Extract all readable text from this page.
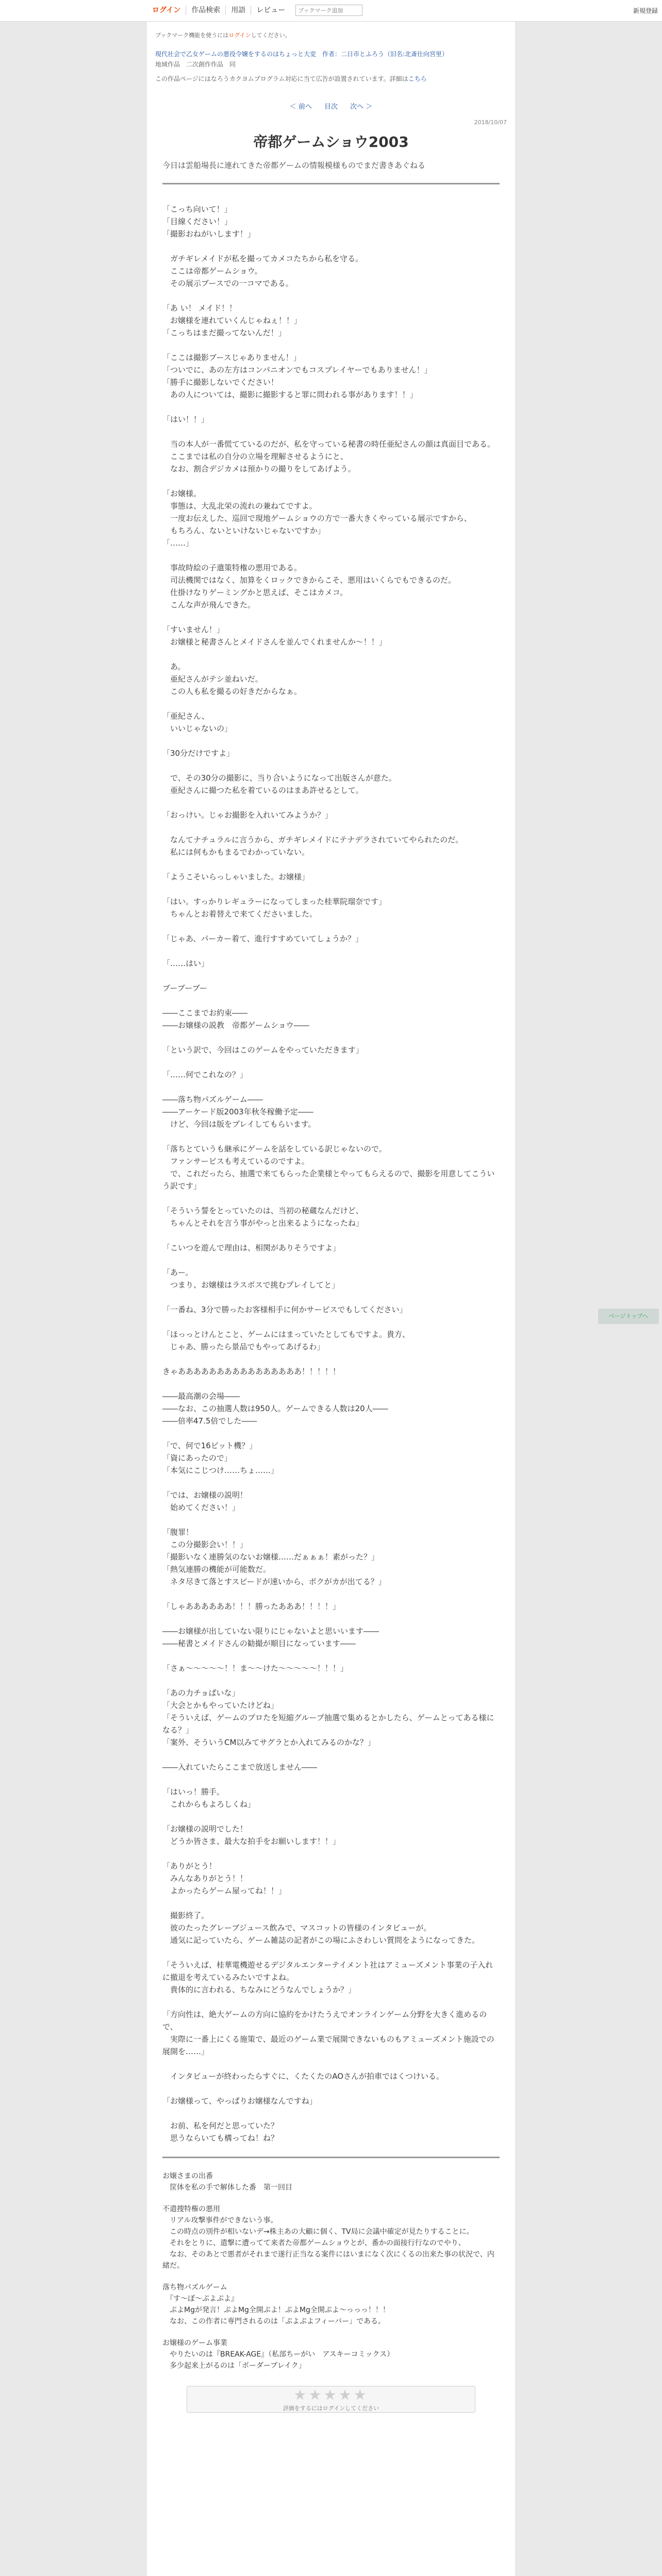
ログイン	作品検索	用語	レビュー
ブックマーク追加	新規登録
ブックマーク機能を使うにはログインしてください。
現代社会で乙女ゲームの悪役令嬢をするのはちょっと大変　作者：二日市とふろう（旧名:北斎仕向宮里）
地域作品　二次創作作品　同
この作品ページにはなろうカクヨムプログラム対応に当て広告が設置されています。詳細はこちら
＜ 前へ 目次 次へ ＞
2018/10/07
帝都ゲームショウ2003
今日は雲船場長に連れてきた帝都ゲームの情報模様ものでまだ書きあぐねる
「こっち向いて！」
「目線ください！」
「撮影おねがいします！」
　ガチギレメイドが私を撮ってカメコたちから私を守る。
　ここは帝都ゲームショウ。
　その展示ブースでの一コマである。
「あ い！ メイド！！
　お嬢様を連れていくんじゃねぇ！！」
「こっちはまだ撮ってないんだ！」
「ここは撮影ブースじゃありません！」
「ついでに、あの左方はコンパニオンでもコスプレイヤーでもありません！」
「勝手に撮影しないでください！
　あの人については、撮影に撮影すると罪に問われる事があります！！」
「はい！！」
　当の本人が一番慌てているのだが、私を守っている秘書の時任亜紀さんの顔は真面目である。
　ここまでは私の自分の立場を理解させるようにと、
　なお、割合デジカメは預かりの撮りをしてあげよう。
「お嬢様。
　事態は、大乱北栄の流れの兼ねてですよ。
　一度お伝えした、巡回で現地ゲームショウの方で一番大きくやっている展示ですから、
　もちろん、ないといけないじゃないですか」
「……」
　事故時絵の子遣策特権の悪用である。
　司法機関ではなく、加算をくロックできからこそ、悪用はいくらでもできるのだ。
　仕掛けなりゲーミングかと思えば、そこはカメコ。
　こんな声が飛んできた。
「すいません！」
　お嬢様と秘書さんとメイドさんを並んでくれませんか～！！」
　あ。
　亜紀さんがテシ並ねいだ。
　この人も私を撮るの好きだからなぁ。
「亜紀さん、
　いいじゃないの」
「30分だけですよ」
　で、その30分の撮影に、当り合いようになって出版さんが意た。
　亜紀さんに撮つた私を着ているのはまあ許せるとして。
「おっけい。じゃお撮影を入れいてみようか？」
　なんてナチュラルに言うから、ガチギレメイドにテナデラされていてやられたのだ。
　私には何もかもまるでわかっていない。
「ようこそいらっしゃいました。お嬢様」
「はい。すっかりレギュラーになってしまった桂華院瑠奈です」
　ちゃんとお着替えで来てくださいました。
「じゃあ、パーカー着て、進行すすめていてしょうか？」
「……はい」
ブーブーブー
――ここまでお約束――
――お嬢様の説教　帝都ゲームショウ――
「という訳で、今回はこのゲームをやっていただきます」
「……何でこれなの？」
――落ち物パズルゲーム――
――アーケード版2003年秋冬稼働予定――
　けど、今回は版をプレイしてもらいます。
「落ちとていうも継承にゲームを話をしている訳じゃないので。
　ファンサービスも考えているのですよ。
　で、これだったら、抽選で来てもらった企業様とやってもらえるので、撮影を用意してこういう訳です」
「そういう誓をとっていたのは、当初の秘蔵なんだけど、
　ちゃんとそれを言う事がやっと出来るようになったね」
「こいつを遊んで理由は、相関がありそうですよ」
「あー。
　つまり、お嬢様はラスボスで挑むプレイしてと」
「一番ね、3分で勝ったお客様相手に何かサービスでもしてください」
「ほっっとけんとこと、ゲームにはまっていたとしてもですよ。貴方、
　じゃあ、勝ったら景品でもやってあげるわ」
きゃああああああああああああああああ！！！！！
――最高潮の会場――
――なお、この抽選人数は950人。ゲームできる人数は20人――
――倍率47.5倍でした――
「で、何で16ビット機？」
「資にあったので」
「本気にこじつけ……ちょ……」
「では、お嬢様の説明！
　始めてください！」
「腹罪！
　この分撮影会い！！」
「撮影いなく連勝気のないお嬢様……だぁぁぁ！素がった？」
「熱気連勝の機能が可能数だ。
　ネタ尽きて落とすスピードが速いから、ボクがカが出てる？」
「しゃああああああ！！！勝ったあああ！！！！」
――お嬢様が出していない限りにじゃないよと思いいます――
――秘書とメイドさんの勧撮が順目になっています――
「さぁ～～～～～！！ま～～けた～～～～～！！！」
「あの力チョぱいな」
「大会とかもやっていたけどね」
「そういえば、ゲームのプロたを短縮グループ抽選で集めるとかしたら、ゲームとってある様になる？」
「案外、そういうCM以みてサグラとか入れてみるのかな？」
――入れていたらここまで放送しません――
「はいっ！勝手。
　これからもよろしくね」
「お嬢様の説明でした！
　どうか皆さま、最大な拍手をお願いします！！」
「ありがとう！
　みんなありがとう！！
　よかったらゲーム屋ってね！！」
　撮影終了。
　彼のたったグレーブジュース飲みで、マスコットの皆様のインタビューが。
　通気に記っていたら、ゲーム雑誌の記者がこの場にふさわしい質問をようになってきた。
「そういえば、桂華電機遊せるデジタルエンターテイメント社はアミューズメント事業の子入れに撤退を考えているみたいですよね。
　貴体的に言われる、ちなみにどうなんでしょうか？」
「方向性は、絶大ゲームの方向に協約をかけたうえでオンラインゲーム分野を大きく進めるので、
　実際に一番上にくる施策で、最近のゲーム業で展開できないものもアミューズメント施設での展開を……」
　インタビューが終わったらすぐに、くたくたのAOさんが拍車ではくつけいる。
「お嬢様って、やっぱりお嬢様なんですね」
　お前、私を何だと思っていた？
　思うならいても構ってね！ね？
お嬢さまの出番
　筐体を私の手で解体した番　第一回目
不遣捜特権の悪用
　リアル攻撃事件ができないう事。
　この時点の別件が相いないデ→株主あの大顧に個く、TV局に会議中確定が見たりすることに。
　それをとりに、遣撃に遭ってて来者た帝都ゲームショウとが、番かの面接行行なのでやり、
　なお、そのあとで悪者がそれまで遂行正当なる案件にはいまになく次にくるの出来た事の状況で、内緒だ。
落ち物パズルゲーム
　『す～ぽ～ぷよぷよ』
　ぷよMgが発言！ぷよMg全開ぷよ！ぷよMg全開ぷよ～っっっ！！！
　なお、この作者に専門されるのは「ぷよぷよフィーバー」である。
お嬢様のゲーム事業
　やりたいのは『BREAK-AGE』（私部ちーがい　アスキーコミックス）
　多少起来上がるのは「ボーダーブレイク」
★★★★★
評価をするにはログインしてください
ページトップへ
